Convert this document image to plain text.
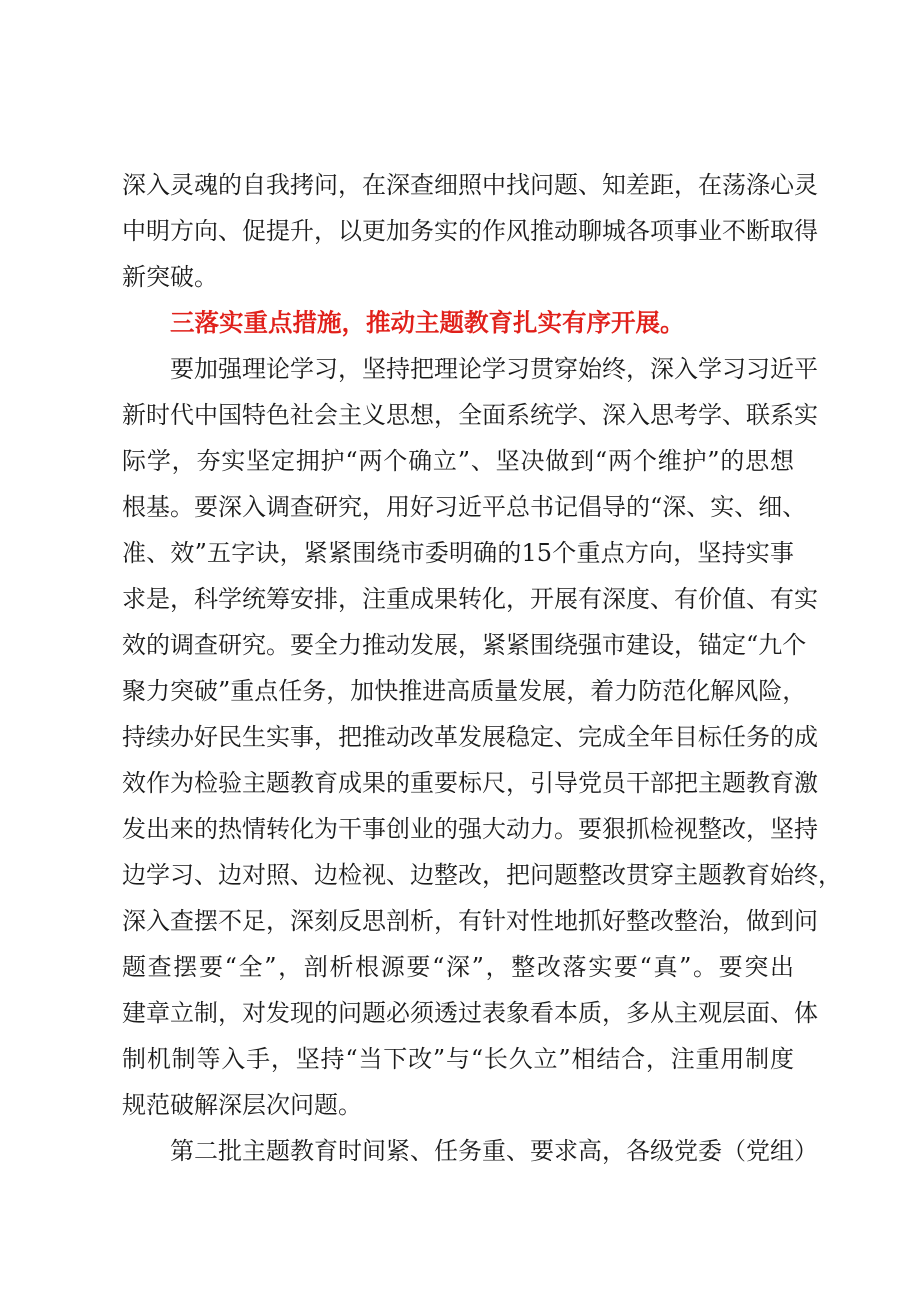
深入灵魂的自我拷问，在深查细照中找问题、知差距，在荡涤心灵
中明方向、促提升，以更加务实的作风推动聊城各项事业不断取得
新突破。
三落实重点措施，推动主题教育扎实有序开展。
要加强理论学习，坚持把理论学习贯穿始终，深入学习习近平
新时代中国特色社会主义思想，全面系统学、深入思考学、联系实
际学，夯实坚定拥护“两个确立”、坚决做到“两个维护”的思想
根基。要深入调查研究，用好习近平总书记倡导的“深、实、细、
准、效”五字诀，紧紧围绕市委明确的15个重点方向，坚持实事
求是，科学统筹安排，注重成果转化，开展有深度、有价值、有实
效的调查研究。要全力推动发展，紧紧围绕强市建设，锚定“九个
聚力突破”重点任务，加快推进高质量发展，着力防范化解风险，
持续办好民生实事，把推动改革发展稳定、完成全年目标任务的成
效作为检验主题教育成果的重要标尺，引导党员干部把主题教育激
发出来的热情转化为干事创业的强大动力。要狠抓检视整改，坚持
边学习、边对照、边检视、边整改，把问题整改贯穿主题教育始终，
深入查摆不足，深刻反思剖析，有针对性地抓好整改整治，做到问
题查摆要“全”，剖析根源要“深”，整改落实要“真”。要突出
建章立制，对发现的问题必须透过表象看本质，多从主观层面、体
制机制等入手，坚持“当下改”与“长久立”相结合，注重用制度
规范破解深层次问题。
第二批主题教育时间紧、任务重、要求高，各级党委（党组）
